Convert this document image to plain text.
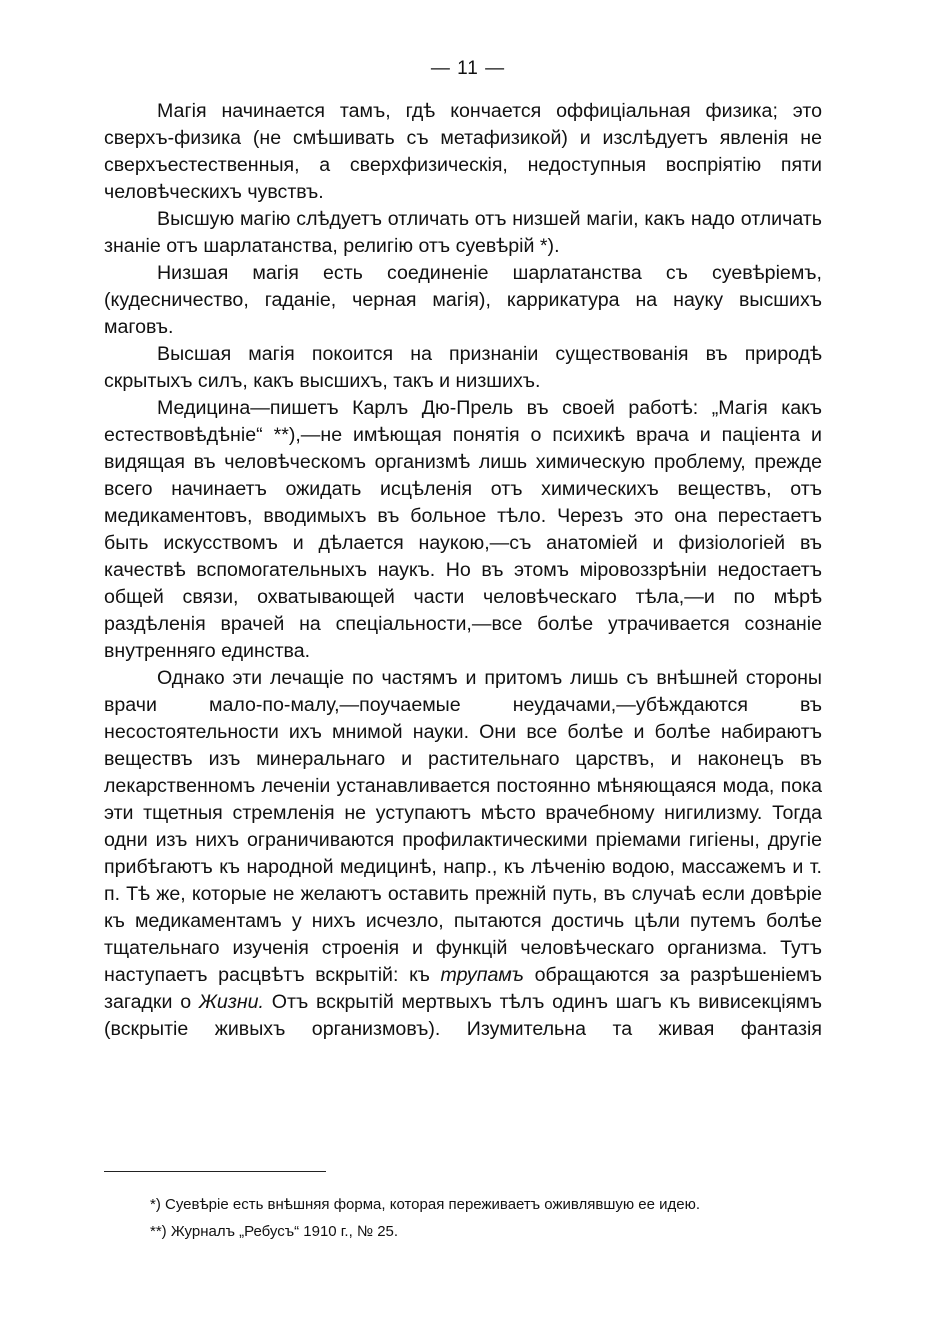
— 11 —

Магія начинается тамъ, гдѣ кончается оффиціальная физика; это сверхъ-физика (не смѣшивать съ метафизикой) и изслѣдуетъ явленія не сверхъестественныя, а сверхфизическія, недоступныя воспріятію пяти человѣческихъ чувствъ.

Высшую магію слѣдуетъ отличать отъ низшей магіи, какъ надо отличать знаніе отъ шарлатанства, религію отъ суевѣрій *).

Низшая магія есть соединеніе шарлатанства съ суевѣріемъ, (кудесничество, гаданіе, черная магія), каррикатура на науку высшихъ маговъ.

Высшая магія покоится на признаніи существованія въ природѣ скрытыхъ силъ, какъ высшихъ, такъ и низшихъ.

Медицина—пишетъ Карлъ Дю-Прель въ своей работѣ: „Магія какъ естествовѣдѣніе“ **),—не имѣющая понятія о психикѣ врача и паціента и видящая въ человѣческомъ организмѣ лишь химическую проблему, прежде всего начинаетъ ожидать исцѣленія отъ химическихъ веществъ, отъ медикаментовъ, вводимыхъ въ больное тѣло. Черезъ это она перестаетъ быть искусствомъ и дѣлается наукою,—съ анатоміей и физіологіей въ качествѣ вспомогательныхъ наукъ. Но въ этомъ міровоззрѣніи недостаетъ общей связи, охватывающей части человѣческаго тѣла,—и по мѣрѣ раздѣленія врачей на спеціальности,—все болѣе утрачивается сознаніе внутренняго единства.

Однако эти лечащіе по частямъ и притомъ лишь съ внѣшней стороны врачи мало-по-малу,—поучаемые неудачами,—убѣждаются въ несостоятельности ихъ мнимой науки. Они все болѣе и болѣе набираютъ веществъ изъ минеральнаго и растительнаго царствъ, и наконецъ въ лекарственномъ леченіи устанавливается постоянно мѣняющаяся мода, пока эти тщетныя стремленія не уступаютъ мѣсто врачебному нигилизму. Тогда одни изъ нихъ ограничиваются профилактическими пріемами гигіены, другіе прибѣгаютъ къ народной медицинѣ, напр., къ лѣченію водою, массажемъ и т. п. Тѣ же, которые не желаютъ оставить прежній путь, въ случаѣ если довѣріе къ медикаментамъ у нихъ исчезло, пытаются достичь цѣли путемъ болѣе тщательнаго изученія строенія и функцій человѣческаго организма. Тутъ наступаетъ расцвѣтъ вскрытій: къ трупамъ обращаются за разрѣшеніемъ загадки о Жизни. Отъ вскрытій мертвыхъ тѣлъ одинъ шагъ къ вивисекціямъ (вскрытіе живыхъ организмовъ). Изумительна та живая фантазія

*) Суевѣріе есть внѣшняя форма, которая переживаетъ оживлявшую ее идею.

**) Журналъ „Ребусъ“ 1910 г., № 25.
